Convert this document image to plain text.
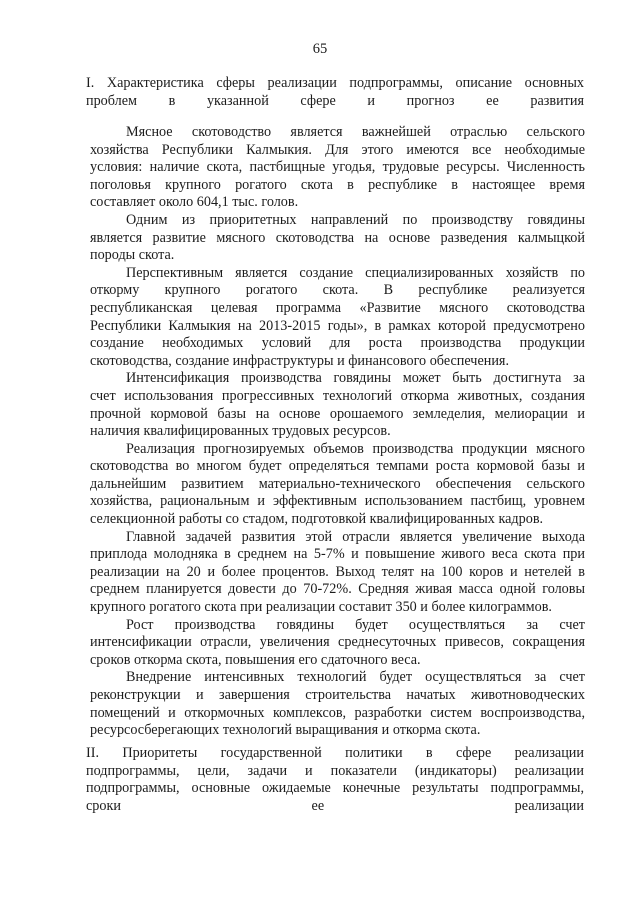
65
I. Характеристика сферы реализации подпрограммы, описание основных
проблем в указанной сфере и прогноз ее развития

Мясное скотоводство является важнейшей отраслью сельского
хозяйства Республики Калмыкия. Для этого имеются все необходимые
условия: наличие скота, пастбищные угодья, трудовые ресурсы. Численность
поголовья крупного рогатого скота в республике в настоящее время
составляет около 604,1 тыс. голов.

Одним из приоритетных направлений по производству говядины
является развитие мясного скотоводства на основе разведения калмыцкой
породы скота.

Перспективным является создание специализированных хозяйств по
откорму крупного рогатого скота. В республике реализуется
республиканская целевая программа «Развитие мясного скотоводства
Республики Калмыкия на 2013-2015 годы», в рамках которой предусмотрено
создание необходимых условий для роста производства продукции
скотоводства, создание инфраструктуры и финансового обеспечения.

Интенсификация производства говядины может быть достигнута за
счет использования прогрессивных технологий откорма животных, создания
прочной кормовой базы на основе орошаемого земледелия, мелиорации и
наличия квалифицированных трудовых ресурсов.

Реализация прогнозируемых объемов производства продукции мясного
скотоводства во многом будет определяться темпами роста кормовой базы и
дальнейшим развитием материально-технического обеспечения сельского
хозяйства, рациональным и эффективным использованием пастбищ, уровнем
селекционной работы со стадом, подготовкой квалифицированных кадров.

Главной задачей развития этой отрасли является увеличение выхода
приплода молодняка в среднем на 5-7% и повышение живого веса скота при
реализации на 20 и более процентов. Выход телят на 100 коров и нетелей в
среднем планируется довести до 70-72%. Средняя живая масса одной головы
крупного рогатого скота при реализации составит 350 и более килограммов.

Рост производства говядины будет осуществляться за счет
интенсификации отрасли, увеличения среднесуточных привесов, сокращения
сроков откорма скота, повышения его сдаточного веса.

Внедрение интенсивных технологий будет осуществляться за счет
реконструкции и завершения строительства начатых животноводческих
помещений и откормочных комплексов, разработки систем воспроизводства,
ресурсосберегающих технологий выращивания и откорма скота.

II. Приоритеты государственной политики в сфере реализации
подпрограммы, цели, задачи и показатели (индикаторы) реализации
подпрограммы, основные ожидаемые конечные результаты подпрограммы,
сроки ее реализации
